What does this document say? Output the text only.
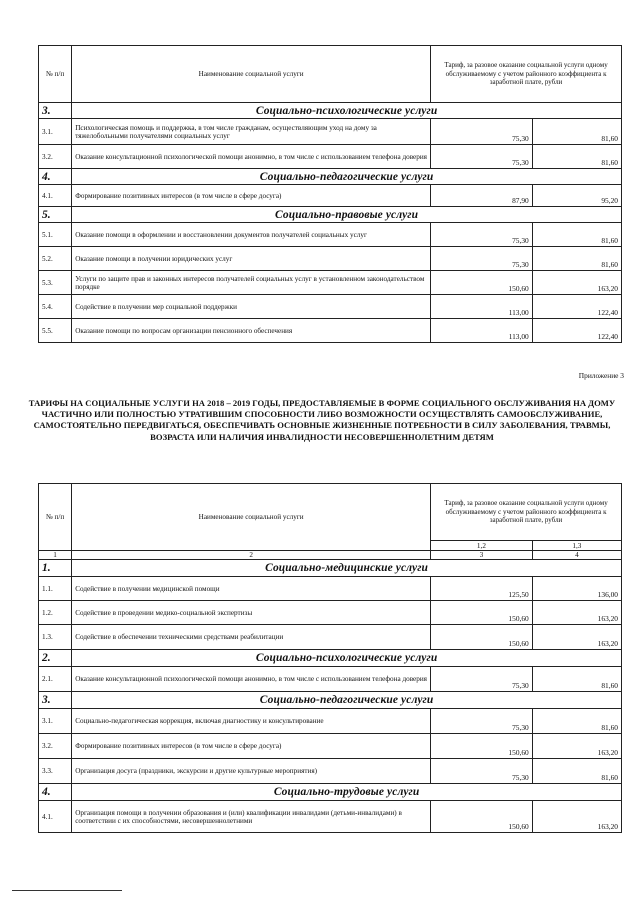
№ п/п	Наименование социальной услуги	Тариф, за разовое оказание социальной услуги одному обслуживаемому с учетом районного коэффициента к заработной плате, рубли	
3.	Социально-психологические услуги		
3.1.	Психологическая помощь и поддержка, в том числе гражданам, осуществляющим уход на дому за тяжелобольными получателями социальных услуг	75,30	81,60
3.2.	Оказание консультационной психологической помощи анонимно, в том числе с использованием телефона доверия	75,30	81,60
4.	Социально-педагогические услуги		
4.1.	Формирование позитивных интересов (в том числе в сфере досуга)	87,90	95,20
5.	Социально-правовые услуги		
5.1.	Оказание помощи в оформлении и восстановлении документов получателей социальных услуг	75,30	81,60
5.2.	Оказание помощи в получении юридических услуг	75,30	81,60
5.3.	Услуги по защите прав и законных интересов получателей социальных услуг в установленном законодательством порядке	150,60	163,20
5.4.	Содействие в получении мер социальной поддержки	113,00	122,40
5.5.	Оказание помощи по вопросам организации пенсионного обеспечения	113,00	122,40
Приложение 3
ТАРИФЫ НА СОЦИАЛЬНЫЕ УСЛУГИ НА 2018 – 2019 ГОДЫ, ПРЕДОСТАВЛЯЕМЫЕ В ФОРМЕ СОЦИАЛЬНОГО ОБСЛУЖИВАНИЯ НА ДОМУ ЧАСТИЧНО ИЛИ ПОЛНОСТЬЮ УТРАТИВШИМ СПОСОБНОСТИ ЛИБО ВОЗМОЖНОСТИ ОСУЩЕСТВЛЯТЬ САМООБСЛУЖИВАНИЕ, САМОСТОЯТЕЛЬНО ПЕРЕДВИГАТЬСЯ, ОБЕСПЕЧИВАТЬ ОСНОВНЫЕ ЖИЗНЕННЫЕ ПОТРЕБНОСТИ В СИЛУ ЗАБОЛЕВАНИЯ, ТРАВМЫ, ВОЗРАСТА ИЛИ НАЛИЧИЯ ИНВАЛИДНОСТИ НЕСОВЕРШЕННОЛЕТНИМ ДЕТЯМ
№ п/п	Наименование социальной услуги	Тариф, за разовое оказание социальной услуги одному обслуживаемому с учетом районного коэффициента к заработной плате, рубли	
		1,2	1,3
1	2	3	4
1.	Социально-медицинские услуги		
1.1.	Содействие в получении медицинской помощи	125,50	136,00
1.2.	Содействие в проведении медико-социальной экспертизы	150,60	163,20
1.3.	Содействие в обеспечении техническими средствами реабилитации	150,60	163,20
2.	Социально-психологические услуги		
2.1.	Оказание консультационной психологической помощи анонимно, в том числе с использованием телефона доверия	75,30	81,60
3.	Социально-педагогические услуги		
3.1.	Социально-педагогическая коррекция, включая диагностику и консультирование	75,30	81,60
3.2.	Формирование позитивных интересов (в том числе в сфере досуга)	150,60	163,20
3.3.	Организация досуга (праздники, экскурсии и другие культурные мероприятия)	75,30	81,60
4.	Социально-трудовые услуги		
4.1.	Организация помощи в получении образования и (или) квалификации инвалидами (детьми-инвалидами) в соответствии с их способностями, несовершеннолетними	150,60	163,20
